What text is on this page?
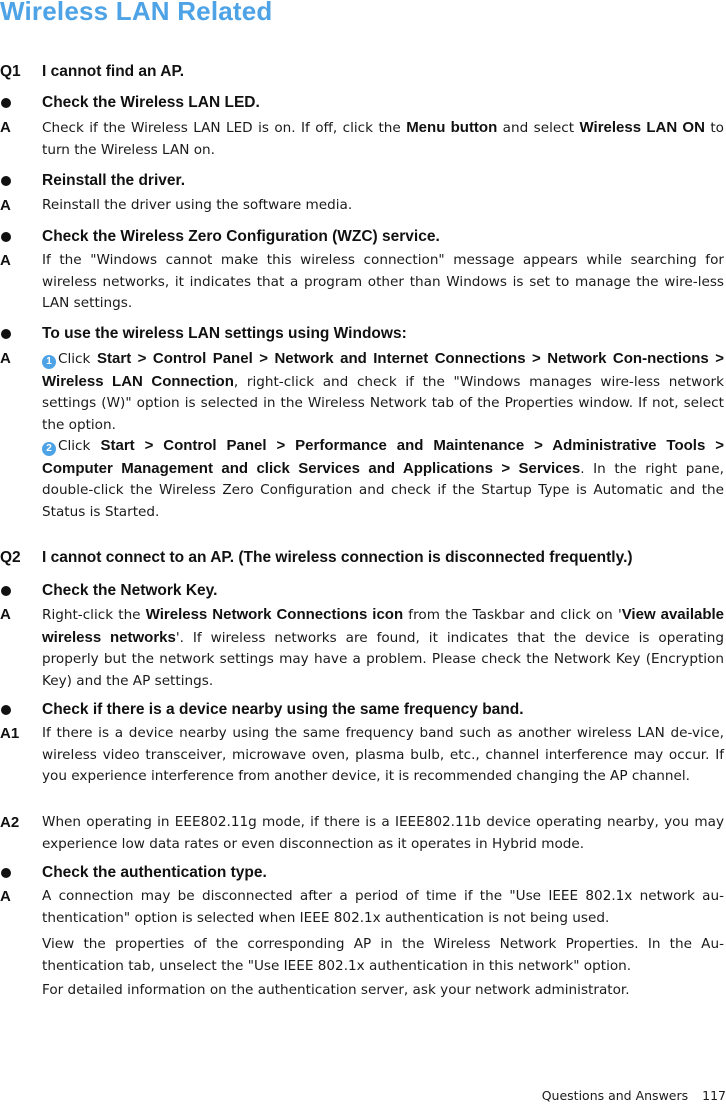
Wireless LAN Related
Q1 I cannot find an AP.
Check the Wireless LAN LED.
A Check if the Wireless LAN LED is on. If off, click the Menu button and select Wireless LAN ON to turn the Wireless LAN on.
Reinstall the driver.
A Reinstall the driver using the software media.
Check the Wireless Zero Configuration (WZC) service.
A If the "Windows cannot make this wireless connection" message appears while searching for wireless networks, it indicates that a program other than Windows is set to manage the wire-less LAN settings.
To use the wireless LAN settings using Windows:
A	1 Click Start > Control Panel > Network and Internet Connections > Network Con-nections > Wireless LAN Connection, right-click and check if the "Windows manages wire-less network settings (W)" option is selected in the Wireless Network tab of the Properties window. If not, select the option.
2 Click Start > Control Panel > Performance and Maintenance > Administrative Tools > Computer Management and click Services and Applications > Services. In the right pane, double-click the Wireless Zero Configuration and check if the Startup Type is Automatic and the Status is Started.
Q2 I cannot connect to an AP. (The wireless connection is disconnected frequently.)
Check the Network Key.
A Right-click the Wireless Network Connections icon from the Taskbar and click on 'View available wireless networks'. If wireless networks are found, it indicates that the device is operating properly but the network settings may have a problem. Please check the Network Key (Encryption Key) and the AP settings.
Check if there is a device nearby using the same frequency band.
A1 If there is a device nearby using the same frequency band such as another wireless LAN de-vice, wireless video transceiver, microwave oven, plasma bulb, etc., channel interference may occur. If you experience interference from another device, it is recommended changing the AP channel.
A2 When operating in EEE802.11g mode, if there is a IEEE802.11b device operating nearby, you may experience low data rates or even disconnection as it operates in Hybrid mode.
Check the authentication type.
A A connection may be disconnected after a period of time if the "Use IEEE 802.1x network au-thentication" option is selected when IEEE 802.1x authentication is not being used.
View the properties of the corresponding AP in the Wireless Network Properties. In the Au-thentication tab, unselect the "Use IEEE 802.1x authentication in this network" option.
For detailed information on the authentication server, ask your network administrator.
Questions and Answers 117
